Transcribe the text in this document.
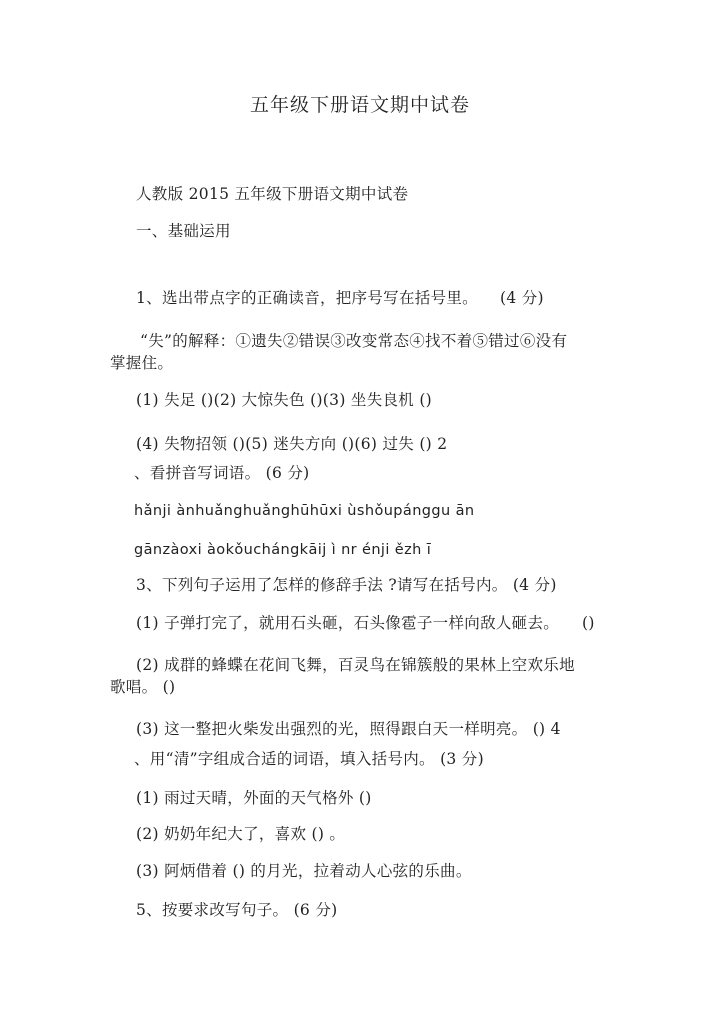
五年级下册语文期中试卷
人教版 2015 五年级下册语文期中试卷
一、基础运用
1、选出带点字的正确读音，把序号写在括号里。 (4 分)
“失”的解释：①遗失②错误③改变常态④找不着⑤错过⑥没有
掌握住。
(1) 失足 ()(2) 大惊失色 ()(3) 坐失良机 ()
(4) 失物招领 ()(5) 迷失方向 ()(6) 过失 () 2
、看拼音写词语。 (6 分)
hǎnji ànhuǎnghuǎnghūhūxi ùshǒupánggu ān
gānzàoxi àokǒuchángkāij ì nr énji ězh ī
3、下列句子运用了怎样的修辞手法 ?请写在括号内。 (4 分)
(1) 子弹打完了，就用石头砸，石头像雹子一样向敌人砸去。 ()
(2) 成群的蜂蝶在花间飞舞，百灵鸟在锦簇般的果林上空欢乐地
歌唱。 ()
(3) 这一整把火柴发出强烈的光，照得跟白天一样明亮。 () 4
、用“清”字组成合适的词语，填入括号内。 (3 分)
(1) 雨过天晴，外面的天气格外 ()
(2) 奶奶年纪大了，喜欢 () 。
(3) 阿炳借着 () 的月光，拉着动人心弦的乐曲。
5、按要求改写句子。 (6 分)
